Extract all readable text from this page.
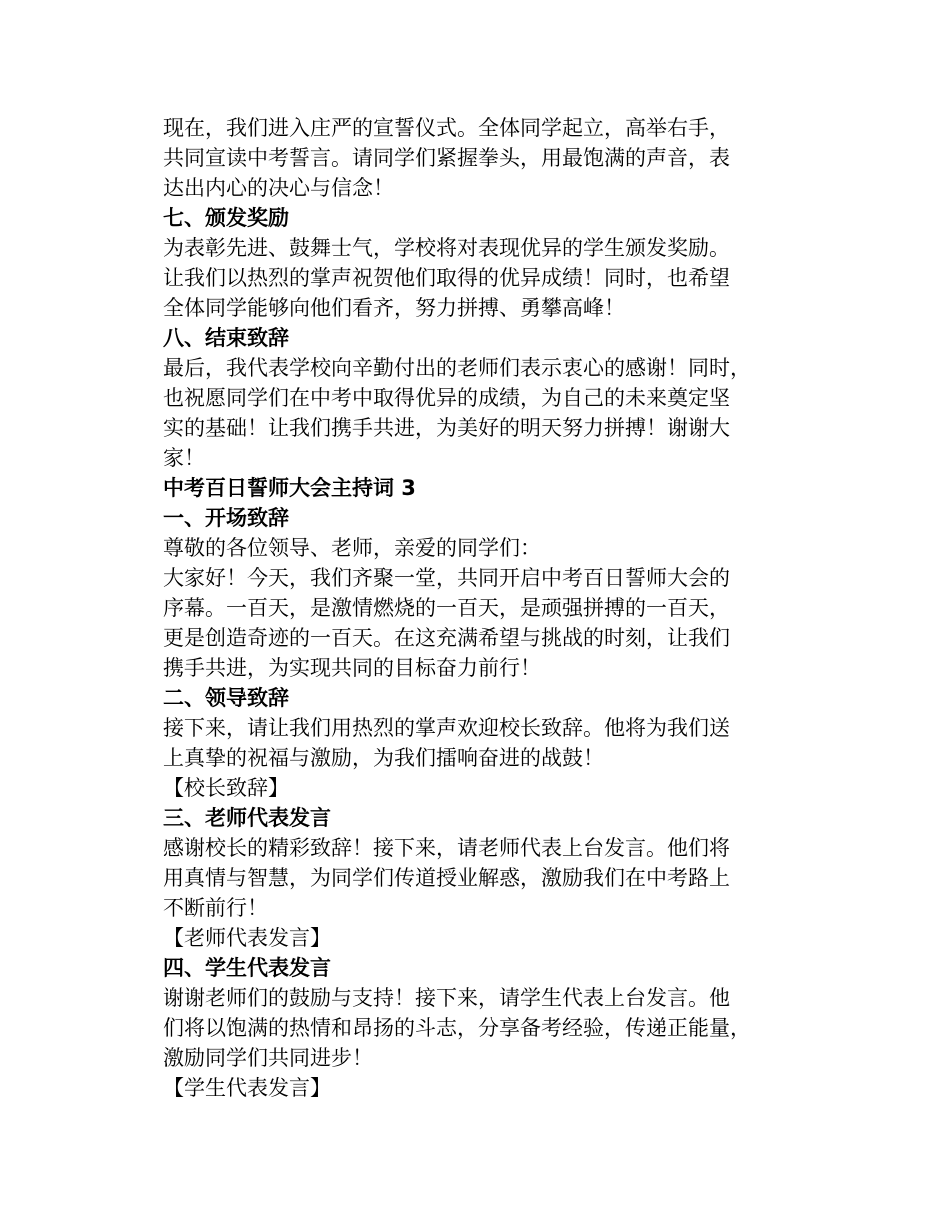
现在，我们进入庄严的宣誓仪式。全体同学起立，高举右手，
共同宣读中考誓言。请同学们紧握拳头，用最饱满的声音，表
达出内心的决心与信念！
七、颁发奖励
为表彰先进、鼓舞士气，学校将对表现优异的学生颁发奖励。
让我们以热烈的掌声祝贺他们取得的优异成绩！同时，也希望
全体同学能够向他们看齐，努力拼搏、勇攀高峰！
八、结束致辞
最后，我代表学校向辛勤付出的老师们表示衷心的感谢！同时，
也祝愿同学们在中考中取得优异的成绩，为自己的未来奠定坚
实的基础！让我们携手共进，为美好的明天努力拼搏！谢谢大
家！
中考百日誓师大会主持词 3
一、开场致辞
尊敬的各位领导、老师，亲爱的同学们：
大家好！今天，我们齐聚一堂，共同开启中考百日誓师大会的
序幕。一百天，是激情燃烧的一百天，是顽强拼搏的一百天，
更是创造奇迹的一百天。在这充满希望与挑战的时刻，让我们
携手共进，为实现共同的目标奋力前行！
二、领导致辞
接下来，请让我们用热烈的掌声欢迎校长致辞。他将为我们送
上真挚的祝福与激励，为我们擂响奋进的战鼓！
【校长致辞】
三、老师代表发言
感谢校长的精彩致辞！接下来，请老师代表上台发言。他们将
用真情与智慧，为同学们传道授业解惑，激励我们在中考路上
不断前行！
【老师代表发言】
四、学生代表发言
谢谢老师们的鼓励与支持！接下来，请学生代表上台发言。他
们将以饱满的热情和昂扬的斗志，分享备考经验，传递正能量，
激励同学们共同进步！
【学生代表发言】
